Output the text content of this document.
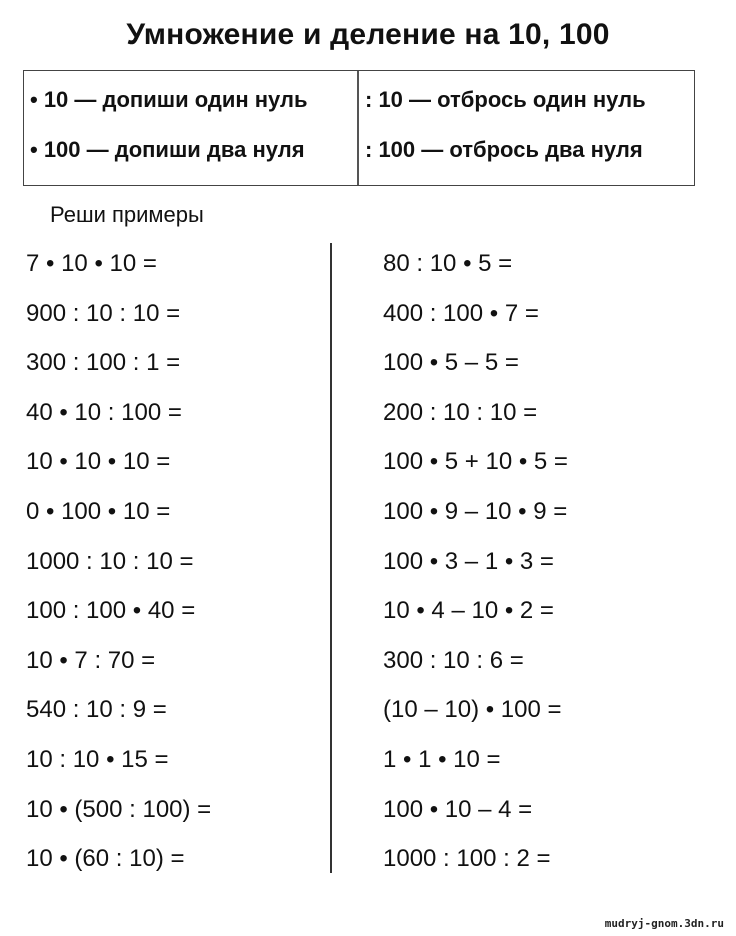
Умножение и деление на 10, 100
• 10 — допиши один нуль
• 100 — допиши два нуля
: 10 — отбрось один нуль
: 100 — отбрось два нуля
Реши примеры
7 • 10 • 10 =
900 : 10 : 10 =
300 : 100 : 1 =
40 • 10 : 100 =
10 • 10 • 10 =
0 • 100 • 10 =
1000 : 10 : 10 =
100 : 100 • 40 =
10 • 7 : 70 =
540 : 10 : 9 =
10 : 10 • 15 =
10 • (500 : 100) =
10 • (60 : 10) =
80 : 10 • 5 =
400 : 100 • 7 =
100 • 5 – 5 =
200 : 10 : 10 =
100 • 5 + 10 • 5 =
100 • 9 – 10 • 9 =
100 • 3 – 1 • 3 =
10 • 4 – 10 • 2 =
300 : 10 : 6 =
(10 – 10) • 100 =
1 • 1 • 10 =
100 • 10 – 4 =
1000 : 100 : 2 =
mudryj-gnom.3dn.ru
